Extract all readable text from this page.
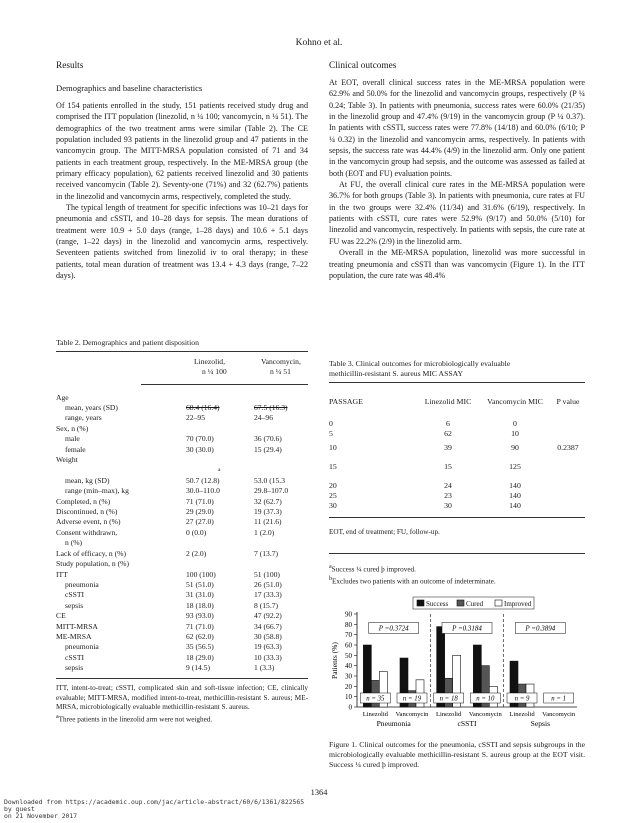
Kohno et al.
Results
Demographics and baseline characteristics

Of 154 patients enrolled in the study, 151 patients received study drug and comprised the ITT population (linezolid, n ¼ 100; vancomycin, n ¼ 51). The demographics of the two treatment arms were similar (Table 2). The CE population included 93 patients in the linezolid group and 47 patients in the vancomycin group. The MITT-MRSA population consisted of 71 and 34 patients in each treatment group, respectively. In the ME-MRSA group (the primary efficacy population), 62 patients received linezolid and 30 patients received vancomycin (Table 2). Seventy-one (71%) and 32 (62.7%) patients in the linezolid and vancomycin arms, respectively, completed the study.

The typical length of treatment for specific infections was 10–21 days for pneumonia and cSSTI, and 10–28 days for sepsis. The mean durations of treatment were 10.9 + 5.0 days (range, 1–28 days) and 10.6 + 5.1 days (range, 1–22 days) in the linezolid and vancomycin arms, respectively. Seventeen patients switched from linezolid iv to oral therapy; in these patients, total mean duration of treatment was 13.4 + 4.3 days (range, 7–22 days).

Table 2. Demographics and patient disposition
Linezolid,
n ¼ 100
Vancomycin,
n ¼ 51
Age		
mean, years (SD)	68.4 (16.4)	67.5 (16.3)
range, years	22–95	24–96
Sex, n (%)		
male	70 (70.0)	36 (70.6)
female	30 (30.0)	15 (29.4)
Weight		
	a	

mean, kg (SD)	50.7 (12.8)	53.0 (15.3
range (min–max), kg	30.0–110.0	29.8–107.0
Completed, n (%)	71 (71.0)	32 (62.7)
Discontinued, n (%)	29 (29.0)	19 (37.3)
Adverse event, n (%)	27 (27.0)	11 (21.6)
Consent withdrawn,	0 (0.0)	1 (2.0)
n (%)		
Lack of efficacy, n (%)	2 (2.0)	7 (13.7)
Study population, n (%)		
ITT	100 (100)	51 (100)
pneumonia	51 (51.0)	26 (51.0)
cSSTI	31 (31.0)	17 (33.3)
sepsis	18 (18.0)	8 (15.7)
CE	93 (93.0)	47 (92.2)
MITT-MRSA	71 (71.0)	34 (66.7)
ME-MRSA	62 (62.0)	30 (58.8)
pneumonia	35 (56.5)	19 (63.3)
cSSTI	18 (29.0)	10 (33.3)
sepsis	9 (14.5)	1 (3.3)
ITT, intent-to-treat; cSSTI, complicated skin and soft-tissue infection; CE, clinically evaluable; MITT-MRSA, modified intent-to-treat, methicillin-resistant S. aureus; ME-MRSA, microbiologically evaluable methicillin-resistant S. aureus.
$^a$Three patients in the linezolid arm were not weighed.
Clinical outcomes

At EOT, overall clinical success rates in the ME-MRSA population were 62.9% and 50.0% for the linezolid and vancomycin groups, respectively (P ¼ 0.24; Table 3). In patients with pneumonia, success rates were 60.0% (21/35) in the linezolid group and 47.4% (9/19) in the vancomycin group (P ¼ 0.37). In patients with cSSTI, success rates were 77.8% (14/18) and 60.0% (6/10; P ¼ 0.32) in the linezolid and vancomycin arms, respectively. In patients with sepsis, the success rate was 44.4% (4/9) in the linezolid arm. Only one patient in the vancomycin group had sepsis, and the outcome was assessed as failed at both (EOT and FU) evaluation points.

At FU, the overall clinical cure rates in the ME-MRSA population were 36.7% for both groups (Table 3). In patients with pneumonia, cure rates at FU in the two groups were 32.4% (11/34) and 31.6% (6/19), respectively. In patients with cSSTI, cure rates were 52.9% (9/17) and 50.0% (5/10) for linezolid and vancomycin, respectively. In patients with sepsis, the cure rate at FU was 22.2% (2/9) in the linezolid arm.

Overall in the ME-MRSA population, linezolid was more successful in treating pneumonia and cSSTI than was vancomycin (Figure 1). In the ITT population, the cure rate was 48.4%

Table 3. Clinical outcomes for microbiologically evaluable
methicillin-resistant S. aureus MIC ASSAY
PASSAGE	Linezolid MIC	Vancomycin MIC	P value
0	6	0	
5	62	10	
10	39	90	0.2387
15	15	125	
20	24	140	
25	23	140	
30	30	140	
EOT, end of treatment; FU, follow-up.
$^a$Success ¼ cured þ improved.
$^b$Excludes two patients with an outcome of indeterminate.
Success	Cured	Improved
0
10
20
30
40
50
60
70
80
90
Patients (%)
Linezolid
n = 35
Vancomycin
n = 19
Linezolid
n = 18
Vancomycin
n = 10
Linezolid
n = 9
Vancomycin
n = 1
Pneumonia
P =0.3724
cSSTI
P =0.3184
Sepsis
P =0.3894
Figure 1. Clinical outcomes for the pneumonia, cSSTI and sepsis subgroups in the microbiologically evaluable methicillin-resistant S. aureus group at the EOT visit. Success ¼ cured þ improved.
1364
Downloaded from https://academic.oup.com/jac/article-abstract/60/6/1361/822565
by guest
on 21 November 2017
